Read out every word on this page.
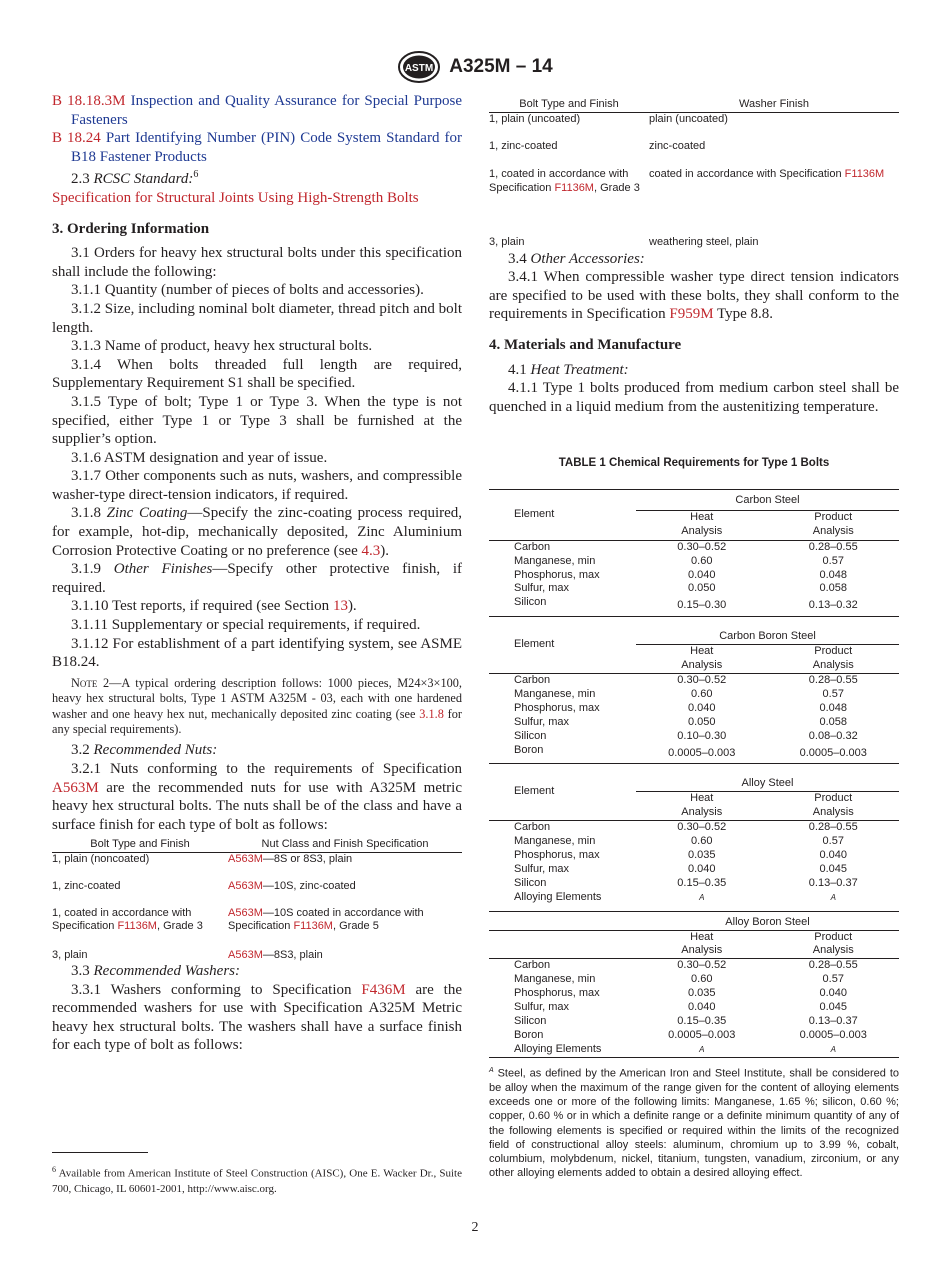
ASTM A325M – 14

B 18.18.3M Inspection and Quality Assurance for Special Purpose Fasteners

B 18.24 Part Identifying Number (PIN) Code System Standard for B18 Fastener Products

2.3 RCSC Standard:$^6$

Specification for Structural Joints Using High-Strength Bolts

3. Ordering Information

3.1 Orders for heavy hex structural bolts under this specification shall include the following:

3.1.1 Quantity (number of pieces of bolts and accessories).

3.1.2 Size, including nominal bolt diameter, thread pitch and bolt length.

3.1.3 Name of product, heavy hex structural bolts.

3.1.4 When bolts threaded full length are required, Supplementary Requirement S1 shall be specified.

3.1.5 Type of bolt; Type 1 or Type 3. When the type is not specified, either Type 1 or Type 3 shall be furnished at the supplier’s option.

3.1.6 ASTM designation and year of issue.

3.1.7 Other components such as nuts, washers, and compressible washer-type direct-tension indicators, if required.

3.1.8 Zinc Coating—Specify the zinc-coating process required, for example, hot-dip, mechanically deposited, Zinc Aluminium Corrosion Protective Coating or no preference (see 4.3).

3.1.9 Other Finishes—Specify other protective finish, if required.

3.1.10 Test reports, if required (see Section 13).

3.1.11 Supplementary or special requirements, if required.

3.1.12 For establishment of a part identifying system, see ASME B18.24.

Note 2—A typical ordering description follows: 1000 pieces, M24×3×100, heavy hex structural bolts, Type 1 ASTM A325M - 03, each with one hardened washer and one heavy hex nut, mechanically deposited zinc coating (see 3.1.8 for any special requirements).

3.2 Recommended Nuts:

3.2.1 Nuts conforming to the requirements of Specification A563M are the recommended nuts for use with A325M metric heavy hex structural bolts. The nuts shall be of the class and have a surface finish for each type of bolt as follows:

Bolt Type and Finish	Nut Class and Finish Specification
1, plain (noncoated)	A563M—8S or 8S3, plain
1, zinc-coated	A563M—10S, zinc-coated
1, coated in accordance with Specification F1136M, Grade 3	A563M—10S coated in accordance with Specification F1136M, Grade 5
3, plain	A563M—8S3, plain

3.3 Recommended Washers:

3.3.1 Washers conforming to Specification F436M are the recommended washers for use with Specification A325M Metric heavy hex structural bolts. The washers shall have a surface finish for each type of bolt as follows:

$^6$ Available from American Institute of Steel Construction (AISC), One E. Wacker Dr., Suite 700, Chicago, IL 60601-2001, http://www.aisc.org.

Bolt Type and Finish	Washer Finish
1, plain (uncoated)	plain (uncoated)
1, zinc-coated	zinc-coated
1, coated in accordance with Specification F1136M, Grade 3	coated in accordance with Specification F1136M
3, plain	weathering steel, plain

3.4 Other Accessories:

3.4.1 When compressible washer type direct tension indicators are specified to be used with these bolts, they shall conform to the requirements in Specification F959M Type 8.8.

4. Materials and Manufacture

4.1 Heat Treatment:

4.1.1 Type 1 bolts produced from medium carbon steel shall be quenched in a liquid medium from the austenitizing temperature.

TABLE 1 Chemical Requirements for Type 1 Bolts
Element	Carbon Steel	
	Heat	Product
	Analysis	Analysis
Carbon	0.30–0.52	0.28–0.55
Manganese, min	0.60	0.57
Phosphorus, max	0.040	0.048
Sulfur, max	0.050	0.058
Silicon	0.15–0.30	0.13–0.32
Element	Carbon Boron Steel	
	Heat	Product
	Analysis	Analysis
Carbon	0.30–0.52	0.28–0.55
Manganese, min	0.60	0.57
Phosphorus, max	0.040	0.048
Sulfur, max	0.050	0.058
Silicon	0.10–0.30	0.08–0.32
Boron	0.0005–0.003	0.0005–0.003
Element	Alloy Steel	
	Heat	Product
	Analysis	Analysis
Carbon	0.30–0.52	0.28–0.55
Manganese, min	0.60	0.57
Phosphorus, max	0.035	0.040
Sulfur, max	0.040	0.045
Silicon	0.15–0.35	0.13–0.37
Alloying Elements	A	A
	Alloy Boron Steel	
	Heat	Product
	Analysis	Analysis
Carbon	0.30–0.52	0.28–0.55
Manganese, min	0.60	0.57
Phosphorus, max	0.035	0.040
Sulfur, max	0.040	0.045
Silicon	0.15–0.35	0.13–0.37
Boron	0.0005–0.003	0.0005–0.003
Alloying Elements	A	A

$^A$ Steel, as defined by the American Iron and Steel Institute, shall be considered to be alloy when the maximum of the range given for the content of alloying elements exceeds one or more of the following limits: Manganese, 1.65 %; silicon, 0.60 %; copper, 0.60 % or in which a definite range or a definite minimum quantity of any of the following elements is specified or required within the limits of the recognized field of constructional alloy steels: aluminum, chromium up to 3.99 %, cobalt, columbium, molybdenum, nickel, titanium, tungsten, vanadium, zirconium, or any other alloying elements added to obtain a desired alloying effect.

2
